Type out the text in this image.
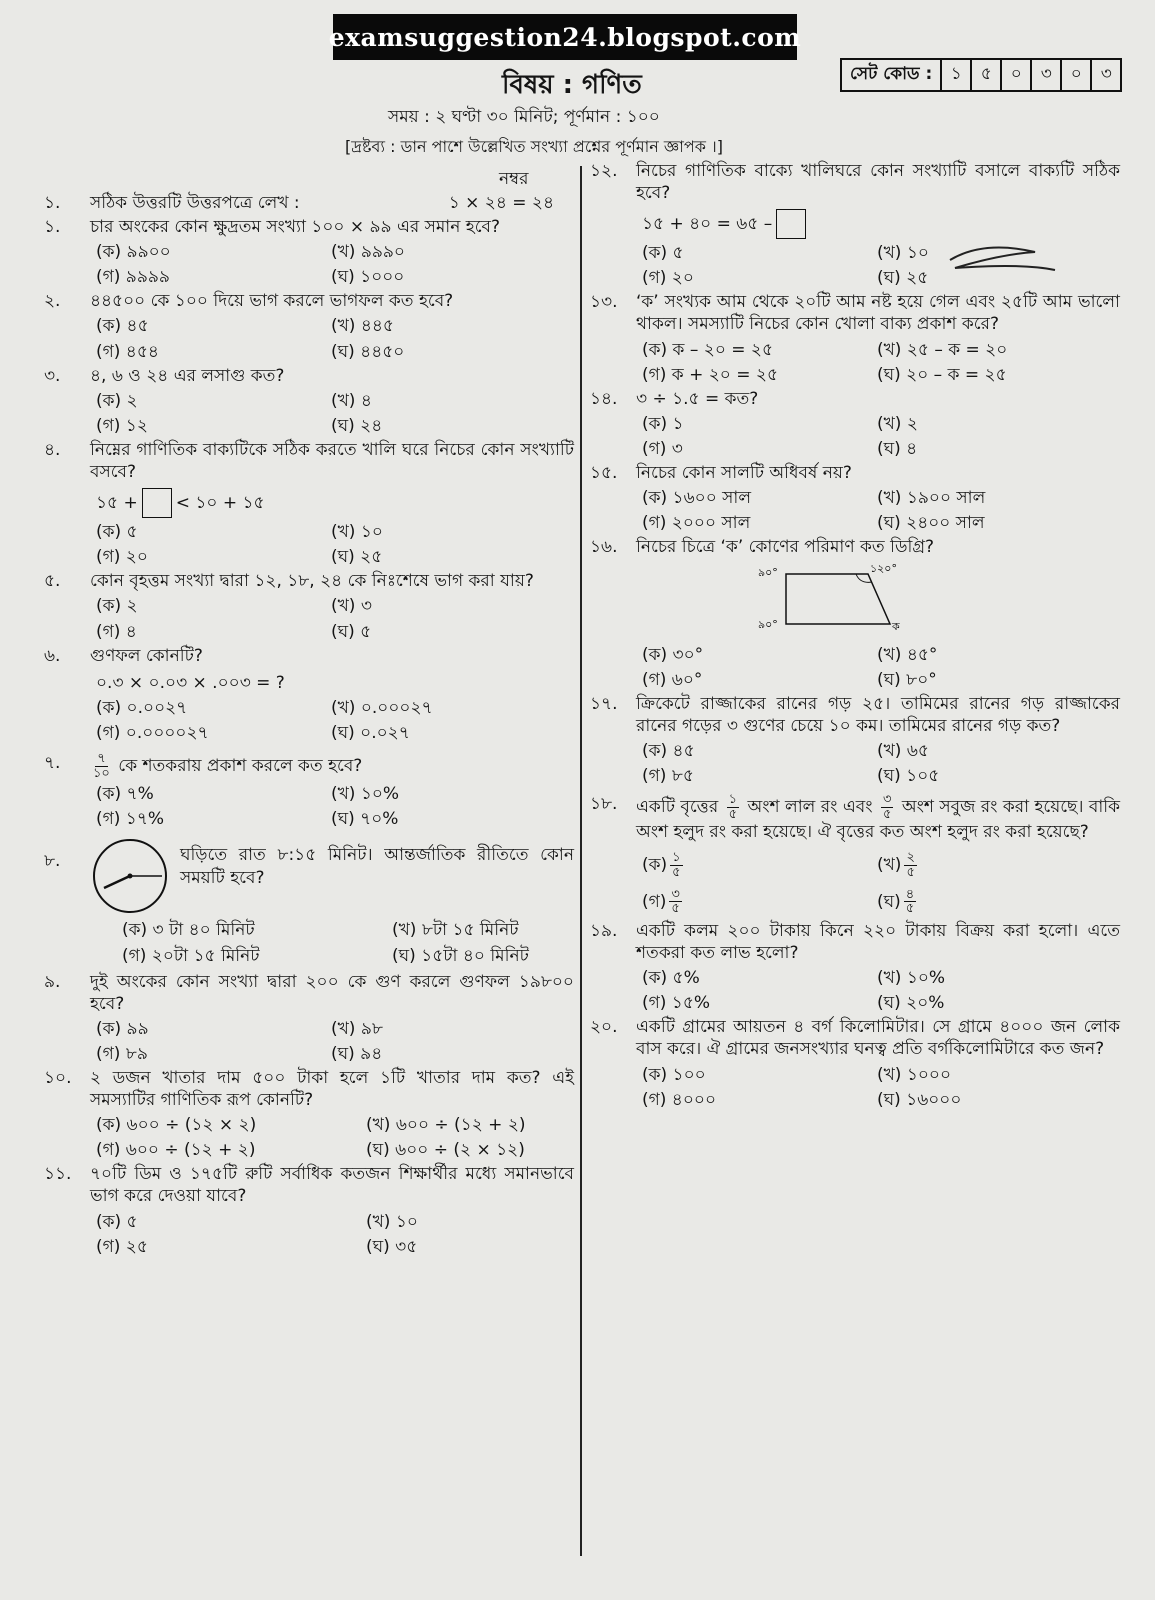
examsuggestion24.blogspot.com
বিষয় : গণিত	সেট কোড :	১	৫	০	৩	০	৩
সময় : ২ ঘণ্টা ৩০ মিনিট; পূর্ণমান : ১০০
[দ্রষ্টব্য : ডান পাশে উল্লেখিত সংখ্যা প্রশ্নের পূর্ণমান জ্ঞাপক ।]
নম্বর
১.	সঠিক উত্তরটি উত্তরপত্রে লেখ :	১ × ২৪ = ২৪
১.	চার অংকের কোন ক্ষুদ্রতম সংখ্যা ১০০ × ৯৯ এর সমান হবে?
(ক) ৯৯০০	(খ) ৯৯৯০
(গ) ৯৯৯৯	(ঘ) ১০০০
২.	৪৪৫০০ কে ১০০ দিয়ে ভাগ করলে ভাগফল কত হবে?
(ক) ৪৫	(খ) ৪৪৫
(গ) ৪৫৪	(ঘ) ৪৪৫০
৩.	৪, ৬ ও ২৪ এর লসাগু কত?
(ক) ২	(খ) ৪
(গ) ১২	(ঘ) ২৪
৪.	নিম্নের গাণিতিক বাক্যটিকে সঠিক করতে খালি ঘরে নিচের কোন সংখ্যাটি বসবে?
১৫ + < ১০ + ১৫
(ক) ৫	(খ) ১০
(গ) ২০	(ঘ) ২৫
৫.	কোন বৃহত্তম সংখ্যা দ্বারা ১২, ১৮, ২৪ কে নিঃশেষে ভাগ করা যায়?
(ক) ২	(খ) ৩
(গ) ৪	(ঘ) ৫
৬.	গুণফল কোনটি?
০.৩ × ০.০৩ × .০০৩ = ?
(ক) ০.০০২৭	(খ) ০.০০০২৭
(গ) ০.০০০০২৭	(ঘ) ০.০২৭
৭.	৭
১০ কে শতকরায় প্রকাশ করলে কত হবে?
(ক) ৭%	(খ) ১০%
(গ) ১৭%	(ঘ) ৭০%
৮.	ঘড়িতে রাত ৮:১৫ মিনিট। আন্তর্জাতিক রীতিতে কোন সময়টি হবে?
(ক) ৩ টা ৪০ মিনিট	(খ) ৮টা ১৫ মিনিট
(গ) ২০টা ১৫ মিনিট	(ঘ) ১৫টা ৪০ মিনিট
৯.	দুই অংকের কোন সংখ্যা দ্বারা ২০০ কে গুণ করলে গুণফল ১৯৮০০ হবে?
(ক) ৯৯	(খ) ৯৮
(গ) ৮৯	(ঘ) ৯৪
১০.	২ ডজন খাতার দাম ৫০০ টাকা হলে ১টি খাতার দাম কত? এই সমস্যাটির গাণিতিক রূপ কোনটি?
(ক) ৬০০ ÷ (১২ × ২)	(খ) ৬০০ ÷ (১২ + ২)
(গ) ৬০০ ÷ (১২ + ২)	(ঘ) ৬০০ ÷ (২ × ১২)
১১.	৭০টি ডিম ও ১৭৫টি রুটি সর্বাধিক কতজন শিক্ষার্থীর মধ্যে সমানভাবে ভাগ করে দেওয়া যাবে?
(ক) ৫	(খ) ১০
(গ) ২৫	(ঘ) ৩৫
১২.	নিচের গাণিতিক বাক্যে খালিঘরে কোন সংখ্যাটি বসালে বাক্যটি সঠিক হবে?
১৫ + ৪০ = ৬৫ –
(ক) ৫	(খ) ১০
(গ) ২০	(ঘ) ২৫
১৩.	‘ক’ সংখ্যক আম থেকে ২০টি আম নষ্ট হয়ে গেল এবং ২৫টি আম ভালো থাকল। সমস্যাটি নিচের কোন খোলা বাক্য প্রকাশ করে?
(ক) ক – ২০ = ২৫	(খ) ২৫ – ক = ২০
(গ) ক + ২০ = ২৫	(ঘ) ২০ – ক = ২৫
১৪.	৩ ÷ ১.৫ = কত?
(ক) ১	(খ) ২
(গ) ৩	(ঘ) ৪
১৫.	নিচের কোন সালটি অধিবর্ষ নয়?
(ক) ১৬০০ সাল	(খ) ১৯০০ সাল
(গ) ২০০০ সাল	(ঘ) ২৪০০ সাল
১৬.	নিচের চিত্রে ‘ক’ কোণের পরিমাণ কত ডিগ্রি?
৯০°	১২০°
৯০°	ক
(ক) ৩০°	(খ) ৪৫°
(গ) ৬০°	(ঘ) ৮০°
১৭.	ক্রিকেটে রাজ্জাকের রানের গড় ২৫। তামিমের রানের গড় রাজ্জাকের রানের গড়ের ৩ গুণের চেয়ে ১০ কম। তামিমের রানের গড় কত?
(ক) ৪৫	(খ) ৬৫
(গ) ৮৫	(ঘ) ১০৫
১৮.	একটি বৃত্তের ১
৫ অংশ লাল রং এবং ৩
৫ অংশ সবুজ রং করা হয়েছে। বাকি অংশ হলুদ রং করা হয়েছে। ঐ বৃত্তের কত অংশ হলুদ রং করা হয়েছে?
(ক) ১
৫	(খ) ২
৫
(গ) ৩
৫	(ঘ) ৪
৫
১৯.	একটি কলম ২০০ টাকায় কিনে ২২০ টাকায় বিক্রয় করা হলো। এতে শতকরা কত লাভ হলো?
(ক) ৫%	(খ) ১০%
(গ) ১৫%	(ঘ) ২০%
২০.	একটি গ্রামের আয়তন ৪ বর্গ কিলোমিটার। সে গ্রামে ৪০০০ জন লোক বাস করে। ঐ গ্রামের জনসংখ্যার ঘনত্ব প্রতি বর্গকিলোমিটারে কত জন?
(ক) ১০০	(খ) ১০০০
(গ) ৪০০০	(ঘ) ১৬০০০
